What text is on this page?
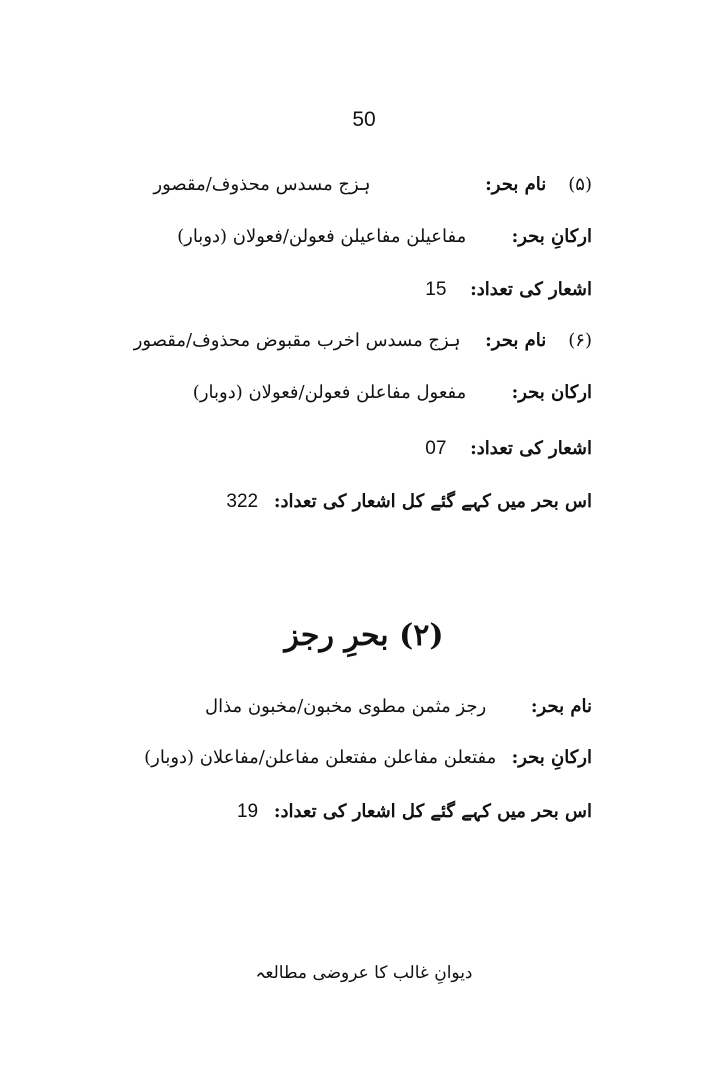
50
(۵) نام بحر: ہزج مسدس محذوف/مقصور
ارکانِ بحر: مفاعیلن مفاعیلن فعولن/فعولان (دوبار)
اشعار کی تعداد: 15
(۶) نام بحر: ہزج مسدس اخرب مقبوض محذوف/مقصور
ارکان بحر: مفعول مفاعلن فعولن/فعولان (دوبار)
اشعار کی تعداد: 07
اس بحر میں کہے گئے کل اشعار کی تعداد: 322
(۲) بحرِ رجز
نام بحر: رجز مثمن مطوی مخبون/مخبون مذال
ارکانِ بحر: مفتعلن مفاعلن مفتعلن مفاعلن/مفاعلان (دوبار)
اس بحر میں کہے گئے کل اشعار کی تعداد: 19
دیوانِ غالب کا عروضی مطالعہ
